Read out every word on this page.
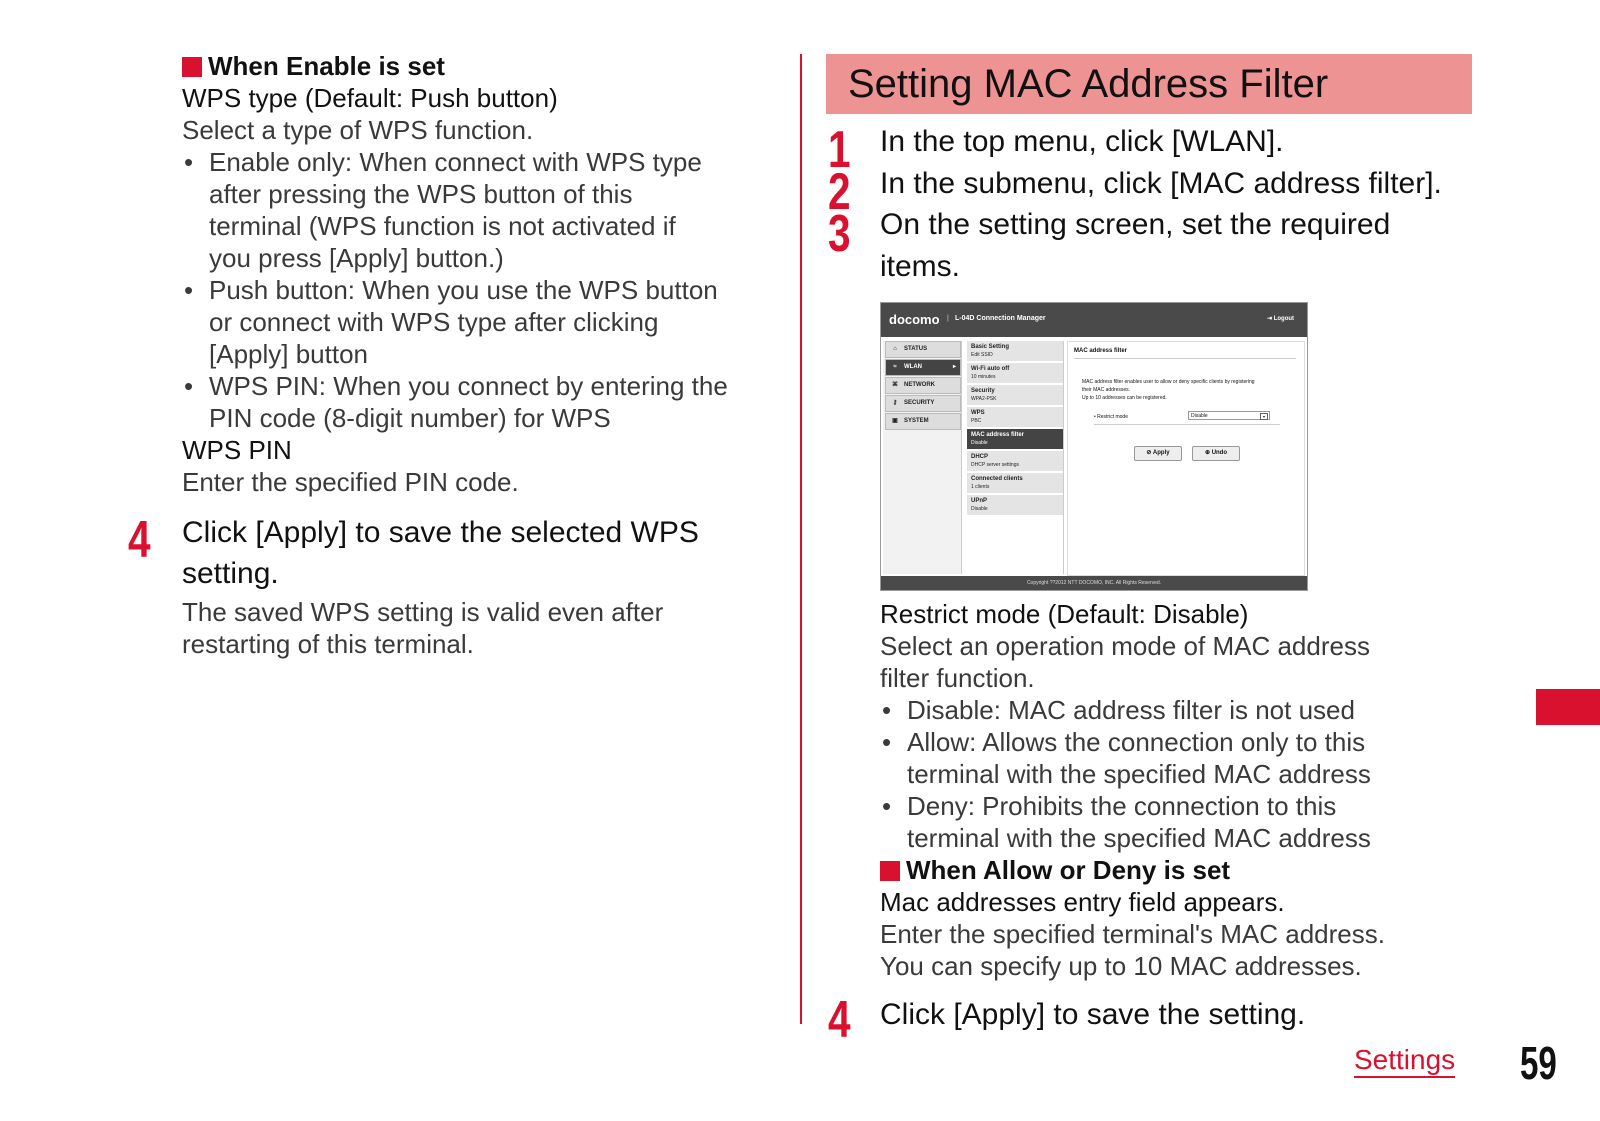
When Enable is set
WPS type (Default: Push button)
Select a type of WPS function.
• Enable only: When connect with WPS type
after pressing the WPS button of this
terminal (WPS function is not activated if
you press [Apply] button.)
• Push button: When you use the WPS button
or connect with WPS type after clicking
[Apply] button
• WPS PIN: When you connect by entering the
PIN code (8-digit number) for WPS
WPS PIN
Enter the specified PIN code.
4 Click [Apply] to save the selected WPS
setting.
The saved WPS setting is valid even after
restarting of this terminal.
Setting MAC Address Filter
1 In the top menu, click [WLAN].
2 In the submenu, click [MAC address filter].
3 On the setting screen, set the required
items.
docomo | L-04D Connection Manager	⇥ Logout
⌂ STATUS
≈ WLAN	▸
⌘ NETWORK
⚷ SECURITY
▣ SYSTEM
Basic Setting
Edit SSID
Wi-Fi auto off
10 minutes
Security
WPA2-PSK
WPS
PBC
MAC address filter
Disable
DHCP
DHCP server settings
Connected clients
1 clients
UPnP
Disable
MAC address filter
MAC address filter enables user to allow or deny specific clients by registering
their MAC addresses.
Up to 10 addresses can be registered.
• Restrict mode	Disable	▾
⊘ Apply	⊕ Undo
Copyright ??2012 NTT DOCOMO, INC. All Rights Reserved.
Restrict mode (Default: Disable)
Select an operation mode of MAC address
filter function.
• Disable: MAC address filter is not used
• Allow: Allows the connection only to this
terminal with the specified MAC address
• Deny: Prohibits the connection to this
terminal with the specified MAC address
When Allow or Deny is set
Mac addresses entry field appears.
Enter the specified terminal's MAC address.
You can specify up to 10 MAC addresses.
4 Click [Apply] to save the setting.
Settings 59
